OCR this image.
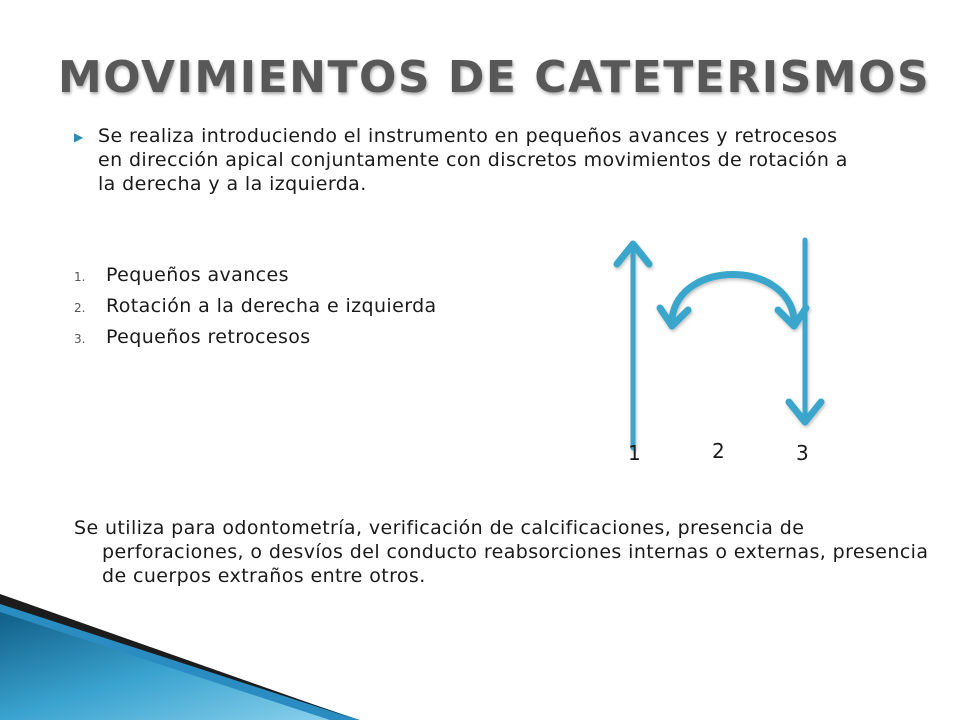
MOVIMIENTOS DE CATETERISMOS
▶ Se realiza introduciendo el instrumento en pequeños avances y retrocesos en dirección apical conjuntamente con discretos movimientos de rotación a la derecha y a la izquierda.
1.	Pequeños avances
2.	Rotación a la derecha e izquierda
3.	Pequeños retrocesos
1	2	3
Se utiliza para odontometría, verificación de calcificaciones, presencia de perforaciones, o desvíos del conducto reabsorciones internas o externas, presencia de cuerpos extraños entre otros.
